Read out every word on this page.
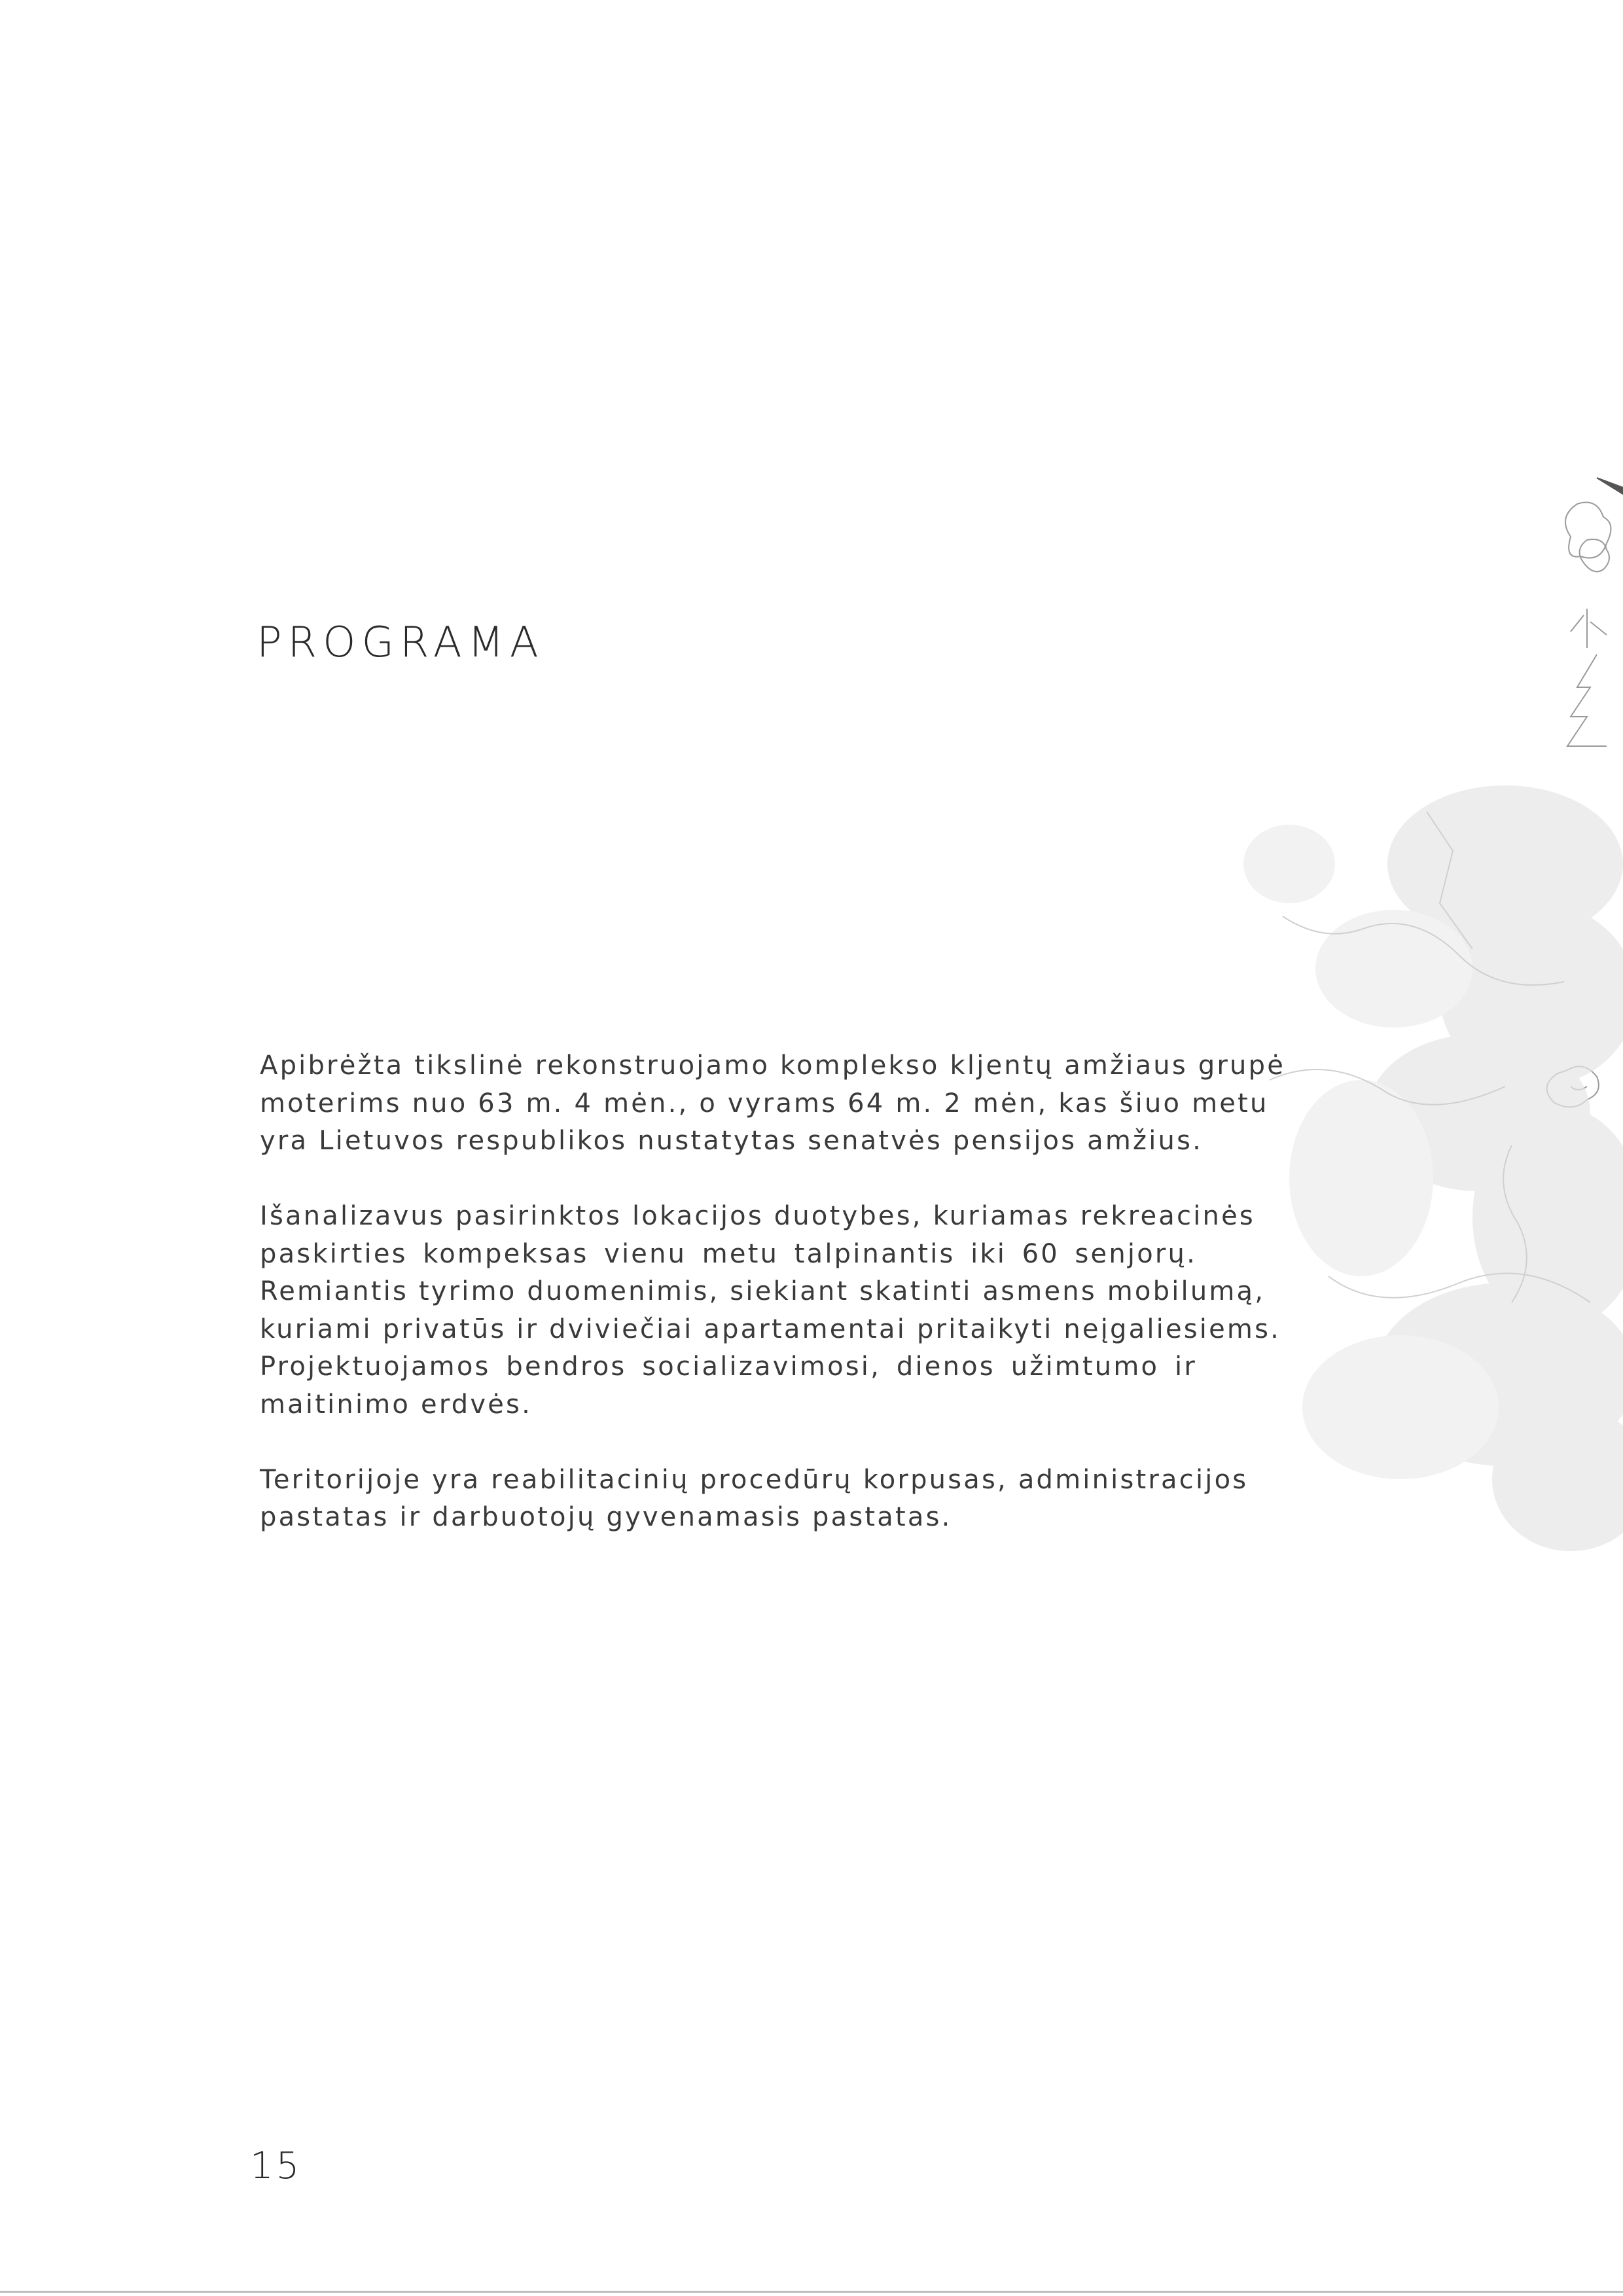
PROGRAMA

Apibrėžta tikslinė rekonstruojamo komplekso kljentų amžiaus grupė
moterims nuo 63 m. 4 mėn., o vyrams 64 m. 2 mėn, kas šiuo metu
yra Lietuvos respublikos nustatytas senatvės pensijos amžius.

Išanalizavus pasirinktos lokacijos duotybes, kuriamas rekreacinės
paskirties kompeksas vienu metu talpinantis iki 60 senjorų.
Remiantis tyrimo duomenimis, siekiant skatinti asmens mobilumą,
kuriami privatūs ir dviviečiai apartamentai pritaikyti neįgaliesiems.
Projektuojamos bendros socializavimosi, dienos užimtumo ir
maitinimo erdvės.

Teritorijoje yra reabilitacinių procedūrų korpusas, administracijos
pastatas ir darbuotojų gyvenamasis pastatas.

15
